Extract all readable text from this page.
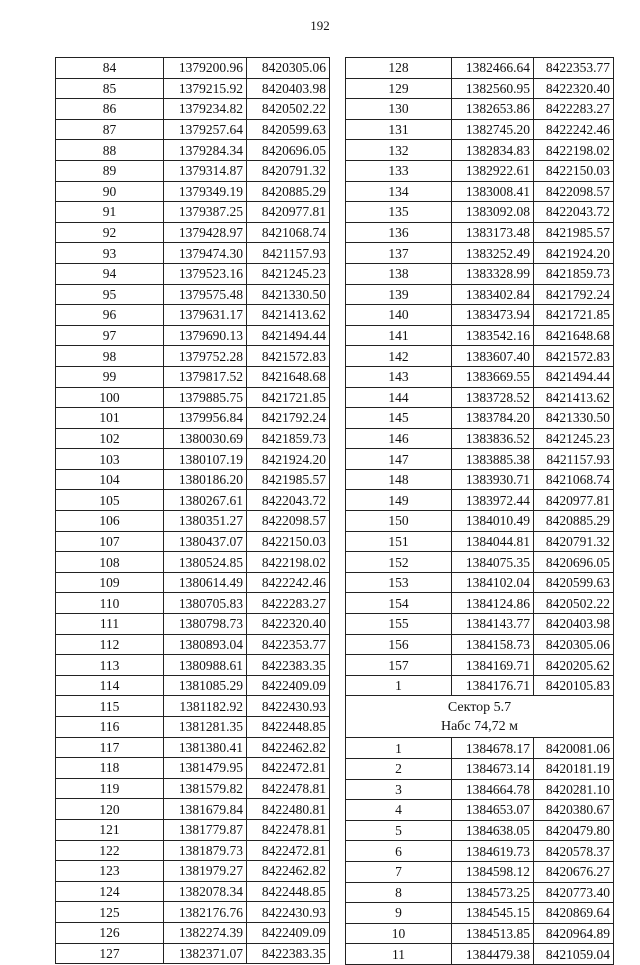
192
84	1379200.96	8420305.06
85	1379215.92	8420403.98
86	1379234.82	8420502.22
87	1379257.64	8420599.63
88	1379284.34	8420696.05
89	1379314.87	8420791.32
90	1379349.19	8420885.29
91	1379387.25	8420977.81
92	1379428.97	8421068.74
93	1379474.30	8421157.93
94	1379523.16	8421245.23
95	1379575.48	8421330.50
96	1379631.17	8421413.62
97	1379690.13	8421494.44
98	1379752.28	8421572.83
99	1379817.52	8421648.68
100	1379885.75	8421721.85
101	1379956.84	8421792.24
102	1380030.69	8421859.73
103	1380107.19	8421924.20
104	1380186.20	8421985.57
105	1380267.61	8422043.72
106	1380351.27	8422098.57
107	1380437.07	8422150.03
108	1380524.85	8422198.02
109	1380614.49	8422242.46
110	1380705.83	8422283.27
111	1380798.73	8422320.40
112	1380893.04	8422353.77
113	1380988.61	8422383.35
114	1381085.29	8422409.09
115	1381182.92	8422430.93
116	1381281.35	8422448.85
117	1381380.41	8422462.82
118	1381479.95	8422472.81
119	1381579.82	8422478.81
120	1381679.84	8422480.81
121	1381779.87	8422478.81
122	1381879.73	8422472.81
123	1381979.27	8422462.82
124	1382078.34	8422448.85
125	1382176.76	8422430.93
126	1382274.39	8422409.09
127	1382371.07	8422383.35
128	1382466.64	8422353.77
129	1382560.95	8422320.40
130	1382653.86	8422283.27
131	1382745.20	8422242.46
132	1382834.83	8422198.02
133	1382922.61	8422150.03
134	1383008.41	8422098.57
135	1383092.08	8422043.72
136	1383173.48	8421985.57
137	1383252.49	8421924.20
138	1383328.99	8421859.73
139	1383402.84	8421792.24
140	1383473.94	8421721.85
141	1383542.16	8421648.68
142	1383607.40	8421572.83
143	1383669.55	8421494.44
144	1383728.52	8421413.62
145	1383784.20	8421330.50
146	1383836.52	8421245.23
147	1383885.38	8421157.93
148	1383930.71	8421068.74
149	1383972.44	8420977.81
150	1384010.49	8420885.29
151	1384044.81	8420791.32
152	1384075.35	8420696.05
153	1384102.04	8420599.63
154	1384124.86	8420502.22
155	1384143.77	8420403.98
156	1384158.73	8420305.06
157	1384169.71	8420205.62
1	1384176.71	8420105.83

Сектор 5.7
Набс 74,72 м		

1	1384678.17	8420081.06
2	1384673.14	8420181.19
3	1384664.78	8420281.10
4	1384653.07	8420380.67
5	1384638.05	8420479.80
6	1384619.73	8420578.37
7	1384598.12	8420676.27
8	1384573.25	8420773.40
9	1384545.15	8420869.64
10	1384513.85	8420964.89
11	1384479.38	8421059.04
